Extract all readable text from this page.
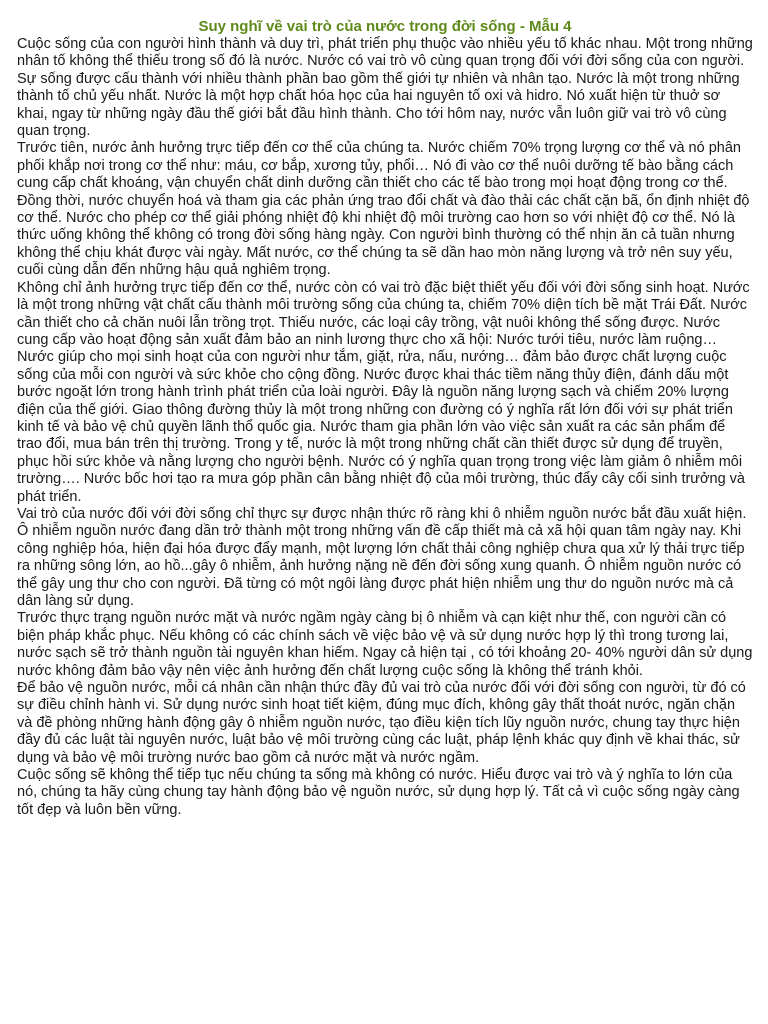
Suy nghĩ về vai trò của nước trong đời sống - Mẫu 4

Cuộc sống của con người hình thành và duy trì, phát triển phụ thuộc vào nhiều yếu tố khác nhau. Một trong những nhân tố không thể thiếu trong số đó là nước. Nước có vai trò vô cùng quan trọng đối với đời sống của con người.

Sự sống được cấu thành với nhiều thành phần bao gồm thế giới tự nhiên và nhân tạo. Nước là một trong những thành tố chủ yếu nhất. Nước là một hợp chất hóa học của hai nguyên tố oxi và hidro. Nó xuất hiện từ thuở sơ khai, ngay từ những ngày đầu thế giới bắt đầu hình thành. Cho tới hôm nay, nước vẫn luôn giữ vai trò vô cùng quan trọng.

Trước tiên, nước ảnh hưởng trực tiếp đến cơ thể của chúng ta. Nước chiếm 70% trọng lượng cơ thể và nó phân phối khắp nơi trong cơ thể như: máu, cơ bắp, xương tủy, phổi… Nó đi vào cơ thể nuôi dưỡng tế bào bằng cách cung cấp chất khoáng, vận chuyển chất dinh dưỡng cần thiết cho các tế bào trong mọi hoạt động trong cơ thể. Đồng thời, nước chuyển hoá và tham gia các phản ứng trao đổi chất và đào thải các chất cặn bã, ổn định nhiệt độ cơ thể. Nước cho phép cơ thể giải phóng nhiệt độ khi nhiệt độ môi trường cao hơn so với nhiệt độ cơ thể. Nó là thức uống không thể không có trong đời sống hàng ngày. Con người bình thường có thể nhịn ăn cả tuần nhưng không thể chịu khát được vài ngày. Mất nước, cơ thể chúng ta sẽ dần hao mòn năng lượng và trở nên suy yếu, cuối cùng dẫn đến những hậu quả nghiêm trọng.

Không chỉ ảnh hưởng trực tiếp đến cơ thể, nước còn có vai trò đặc biệt thiết yếu đối với đời sống sinh hoạt. Nước là một trong những vật chất cấu thành môi trường sống của chúng ta, chiếm 70% diện tích bề mặt Trái Đất. Nước cần thiết cho cả chăn nuôi lẫn trồng trọt. Thiếu nước, các loại cây trồng, vật nuôi không thể sống được. Nước cung cấp vào hoạt động sản xuất đảm bảo an ninh lương thực cho xã hội: Nước tưới tiêu, nước làm ruộng… Nước giúp cho mọi sinh hoạt của con người như tắm, giặt, rửa, nấu, nướng… đảm bảo được chất lượng cuộc sống của mỗi con người và sức khỏe cho cộng đồng. Nước được khai thác tiềm năng thủy điện, đánh dấu một bước ngoặt lớn trong hành trình phát triển của loài người. Đây là nguồn năng lượng sạch và chiếm 20% lượng điện của thế giới. Giao thông đường thủy là một trong những con đường có ý nghĩa rất lớn đối với sự phát triển kinh tế và bảo vệ chủ quyền lãnh thổ quốc gia. Nước tham gia phần lớn vào việc sản xuất ra các sản phẩm để trao đổi, mua bán trên thị trường. Trong y tế, nước là một trong những chất cần thiết được sử dụng để truyền, phục hồi sức khỏe và nằng lượng cho người bệnh. Nước có ý nghĩa quan trọng trong việc làm giảm ô nhiễm môi trường…. Nước bốc hơi tạo ra mưa góp phần cân bằng nhiệt độ của môi trường, thúc đẩy cây cối sinh trưởng và phát triển.

Vai trò của nước đối với đời sống chỉ thực sự được nhận thức rõ ràng khi ô nhiễm nguồn nước bắt đầu xuất hiện. Ô nhiễm nguồn nước đang dần trở thành một trong những vấn đề cấp thiết mà cả xã hội quan tâm ngày nay. Khi công nghiệp hóa, hiện đại hóa được đẩy mạnh, một lượng lớn chất thải công nghiệp chưa qua xử lý thải trực tiếp ra những sông lớn, ao hồ...gây ô nhiễm, ảnh hưởng nặng nề đến đời sống xung quanh. Ô nhiễm nguồn nước có thể gây ung thư cho con người. Đã từng có một ngôi làng được phát hiện nhiễm ung thư do nguồn nước mà cả dân làng sử dụng.

Trước thực trạng nguồn nước mặt và nước ngầm ngày càng bị ô nhiễm và cạn kiệt như thế, con người cần có biện pháp khắc phục. Nếu không có các chính sách về việc bảo vệ và sử dụng nước hợp lý thì trong tương lai, nước sạch sẽ trở thành nguồn tài nguyên khan hiếm. Ngay cả hiện tại , có tới khoảng 20- 40% người dân sử dụng nước không đảm bảo vậy nên việc ảnh hưởng đến chất lượng cuộc sống là không thể tránh khỏi.

Để bảo vệ nguồn nước, mỗi cá nhân cần nhận thức đầy đủ vai trò của nước đối với đời sống con người, từ đó có sự điều chỉnh hành vi. Sử dụng nước sinh hoạt tiết kiệm, đúng mục đích, không gây thất thoát nước, ngăn chặn và đề phòng những hành động gây ô nhiễm nguồn nước, tạo điều kiện tích lũy nguồn nước, chung tay thực hiện đầy đủ các luật tài nguyên nước, luật bảo vệ môi trường cùng các luật, pháp lệnh khác quy định về khai thác, sử dụng và bảo vệ môi trường nước bao gồm cả nước mặt và nước ngầm.

Cuộc sống sẽ không thể tiếp tục nếu chúng ta sống mà không có nước. Hiểu được vai trò và ý nghĩa to lớn của nó, chúng ta hãy cùng chung tay hành động bảo vệ nguồn nước, sử dụng hợp lý. Tất cả vì cuộc sống ngày càng tốt đẹp và luôn bền vững.
